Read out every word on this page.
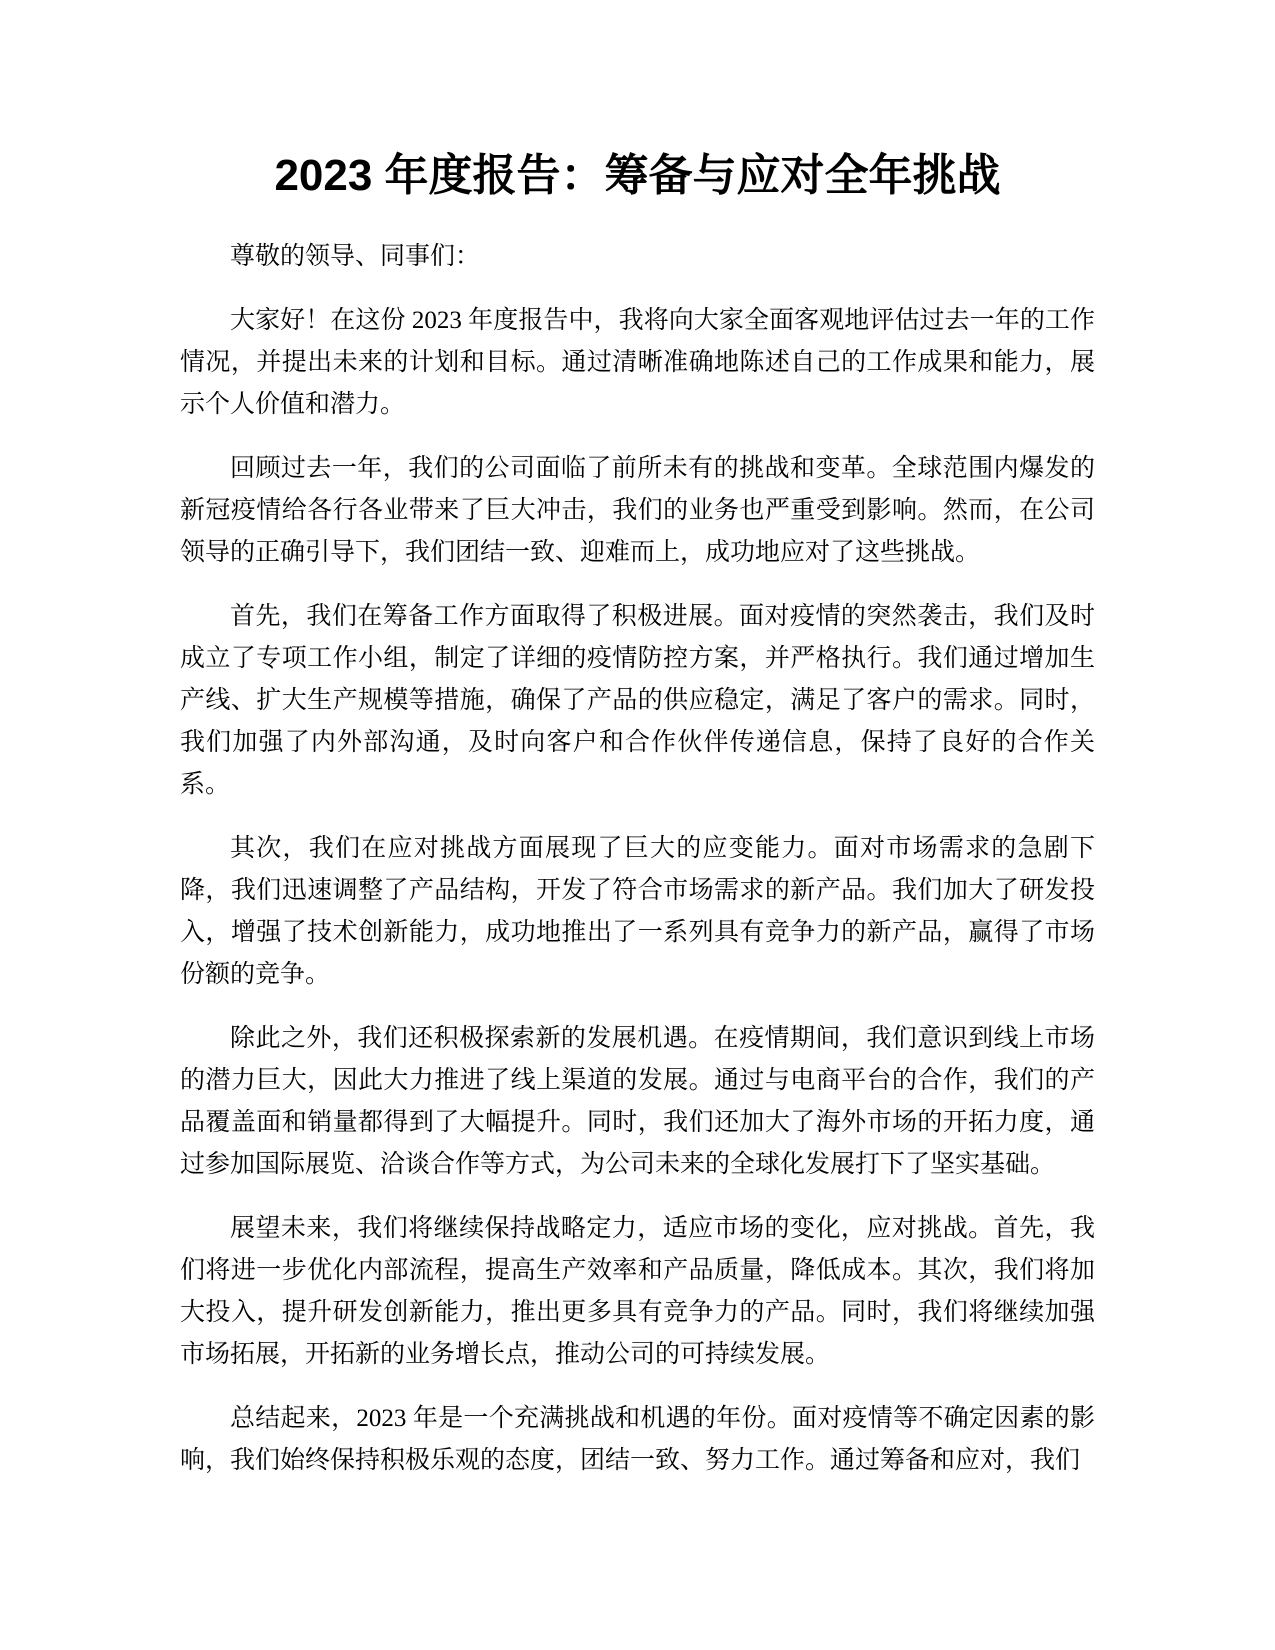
2023 年度报告：筹备与应对全年挑战

尊敬的领导、同事们：

大家好！在这份 2023 年度报告中，我将向大家全面客观地评估过去一年的工作情况，并提出未来的计划和目标。通过清晰准确地陈述自己的工作成果和能力，展示个人价值和潜力。

回顾过去一年，我们的公司面临了前所未有的挑战和变革。全球范围内爆发的新冠疫情给各行各业带来了巨大冲击，我们的业务也严重受到影响。然而，在公司领导的正确引导下，我们团结一致、迎难而上，成功地应对了这些挑战。

首先，我们在筹备工作方面取得了积极进展。面对疫情的突然袭击，我们及时成立了专项工作小组，制定了详细的疫情防控方案，并严格执行。我们通过增加生产线、扩大生产规模等措施，确保了产品的供应稳定，满足了客户的需求。同时，我们加强了内外部沟通，及时向客户和合作伙伴传递信息，保持了良好的合作关系。

其次，我们在应对挑战方面展现了巨大的应变能力。面对市场需求的急剧下降，我们迅速调整了产品结构，开发了符合市场需求的新产品。我们加大了研发投入，增强了技术创新能力，成功地推出了一系列具有竞争力的新产品，赢得了市场份额的竞争。

除此之外，我们还积极探索新的发展机遇。在疫情期间，我们意识到线上市场的潜力巨大，因此大力推进了线上渠道的发展。通过与电商平台的合作，我们的产品覆盖面和销量都得到了大幅提升。同时，我们还加大了海外市场的开拓力度，通过参加国际展览、洽谈合作等方式，为公司未来的全球化发展打下了坚实基础。

展望未来，我们将继续保持战略定力，适应市场的变化，应对挑战。首先，我们将进一步优化内部流程，提高生产效率和产品质量，降低成本。其次，我们将加大投入，提升研发创新能力，推出更多具有竞争力的产品。同时，我们将继续加强市场拓展，开拓新的业务增长点，推动公司的可持续发展。

总结起来，2023 年是一个充满挑战和机遇的年份。面对疫情等不确定因素的影响，我们始终保持积极乐观的态度，团结一致、努力工作。通过筹备和应对，我们
